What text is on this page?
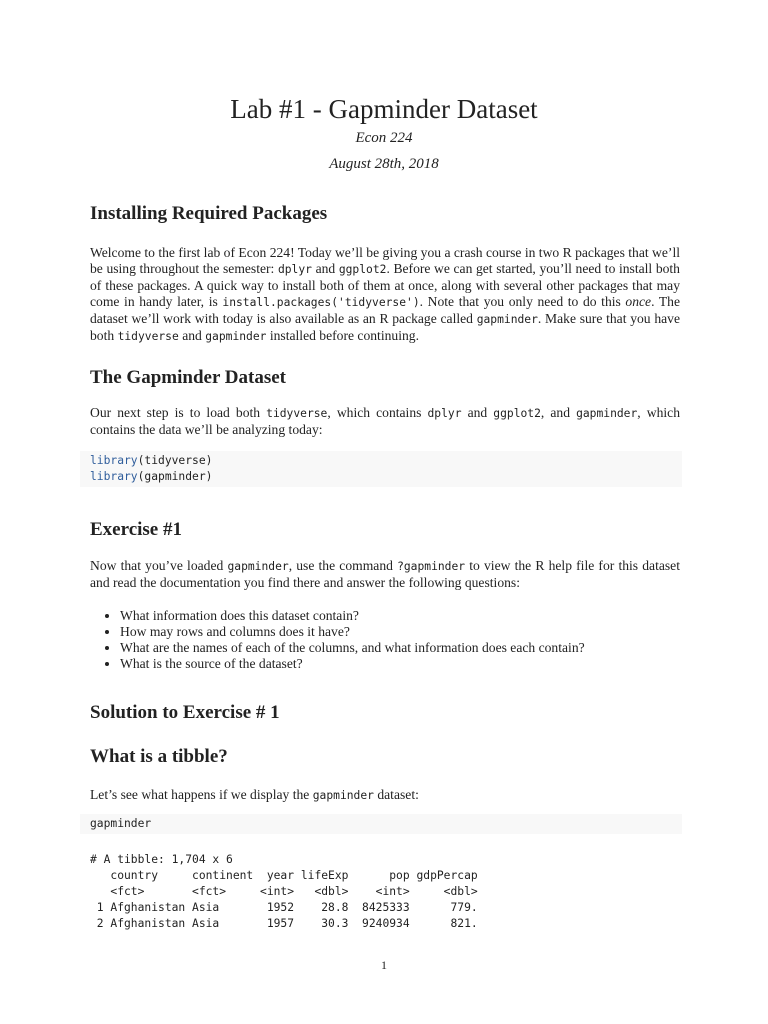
Lab #1 - Gapminder Dataset
Econ 224
August 28th, 2018
Installing Required Packages
Welcome to the first lab of Econ 224! Today we’ll be giving you a crash course in two R packages that we’ll be using throughout the semester: dplyr and ggplot2. Before we can get started, you’ll need to install both of these packages. A quick way to install both of them at once, along with several other packages that may come in handy later, is install.packages('tidyverse'). Note that you only need to do this once. The dataset we’ll work with today is also available as an R package called gapminder. Make sure that you have both tidyverse and gapminder installed before continuing.
The Gapminder Dataset
Our next step is to load both tidyverse, which contains dplyr and ggplot2, and gapminder, which contains the data we’ll be analyzing today:
library(tidyverse)
library(gapminder)
Exercise #1
Now that you’ve loaded gapminder, use the command ?gapminder to view the R help file for this dataset and read the documentation you find there and answer the following questions:
• What information does this dataset contain?
• How may rows and columns does it have?
• What are the names of each of the columns, and what information does each contain?
• What is the source of the dataset?
Solution to Exercise # 1
What is a tibble?
Let’s see what happens if we display the gapminder dataset:
gapminder
# A tibble: 1,704 x 6
country     continent  year lifeExp      pop gdpPercap
<fct>       <fct>     <int>   <dbl>    <int>     <dbl>
1 Afghanistan Asia       1952    28.8  8425333      779.
2 Afghanistan Asia       1957    30.3  9240934      821.
1
